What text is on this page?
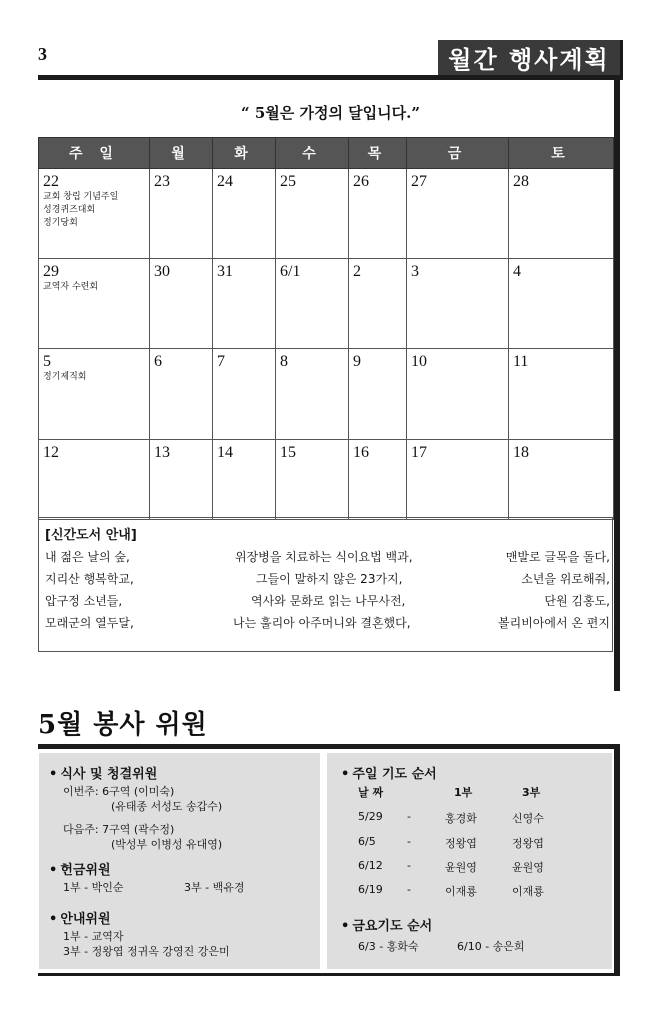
3	월간 행사계획
“ 5월은 가정의 달입니다.”
주 일	월	화	수	목	금	토

22
교회 창립 기념주일
성경퀴즈대회
정기당회	23	24	25	26	27	28

29
교역자 수련회	30	31	6/1	2	3	4

5
정기제직회	6	7	8	9	10	11

12	13	14	15	16	17	18
[신간도서 안내]
내 젊은 날의 숲,	위장병을 치료하는 식이요법 백과,	맨발로 글목을 돌다,
지리산 행복학교,	그들이 말하지 않은 23가지,	소년을 위로해줘,
압구정 소년들,	역사와 문화로 읽는 나무사전,	단원 김홍도,
모래군의 열두달,	나는 훌리아 아주머니와 결혼했다,	볼리비아에서 온 편지
5월 봉사 위원
• 식사 및 청결위원
이번주: 6구역 (이미숙)
(유태종 서성도 송갑수)
다음주: 7구역 (곽수정)
(박성부 이병성 유대영)
• 헌금위원
1부 - 박인순	3부 - 백유경
• 안내위원
1부 - 교역자
3부 - 정왕엽 정귀옥 강영진 강은미
• 주일 기도 순서
날 짜	1부	3부
5/29 -	홍경화	신영수
6/5	-	정왕엽	정왕엽
6/12 -	윤원영	윤원영
6/19 -	이재룡	이재룡
• 금요기도 순서
6/3 - 홍화숙	6/10 - 송은희
